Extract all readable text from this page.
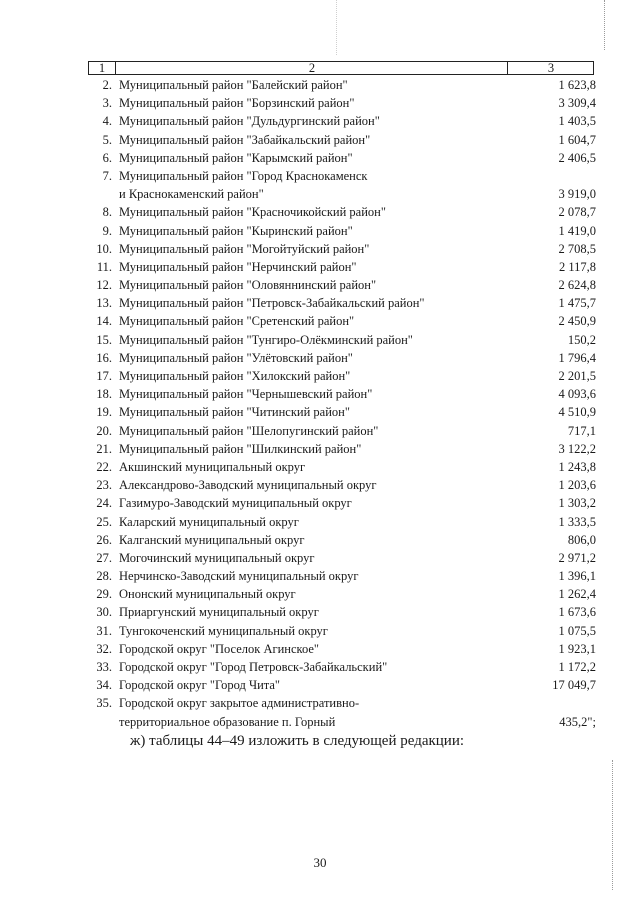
1	2	3
2. Муниципальный район "Балейский район"	1 623,8
3. Муниципальный район "Борзинский район"	3 309,4
4. Муниципальный район "Дульдургинский район"	1 403,5
5. Муниципальный район "Забайкальский район"	1 604,7
6. Муниципальный район "Карымский район"	2 406,5
7. Муниципальный район "Город Краснокаменск
и Краснокаменский район"	3 919,0
8. Муниципальный район "Красночикойский район"	2 078,7
9. Муниципальный район "Кыринский район"	1 419,0
10. Муниципальный район "Могойтуйский район"	2 708,5
11. Муниципальный район "Нерчинский район"	2 117,8
12. Муниципальный район "Оловяннинский район"	2 624,8
13. Муниципальный район "Петровск-Забайкальский район"	1 475,7
14. Муниципальный район "Сретенский район"	2 450,9
15. Муниципальный район "Тунгиро-Олёкминский район"	150,2
16. Муниципальный район "Улётовский район"	1 796,4
17. Муниципальный район "Хилокский район"	2 201,5
18. Муниципальный район "Чернышевский район"	4 093,6
19. Муниципальный район "Читинский район"	4 510,9
20. Муниципальный район "Шелопугинский район"	717,1
21. Муниципальный район "Шилкинский район"	3 122,2
22. Акшинский муниципальный округ	1 243,8
23. Александрово-Заводский муниципальный округ	1 203,6
24. Газимуро-Заводский муниципальный округ	1 303,2
25. Каларский муниципальный округ	1 333,5
26. Калганский муниципальный округ	806,0
27. Могочинский муниципальный округ	2 971,2
28. Нерчинско-Заводский муниципальный округ	1 396,1
29. Ононский муниципальный округ	1 262,4
30. Приаргунский муниципальный округ	1 673,6
31. Тунгокоченский муниципальный округ	1 075,5
32. Городской округ "Поселок Агинское"	1 923,1
33. Городской округ "Город Петровск-Забайкальский"	1 172,2
34. Городской округ "Город Чита"	17 049,7
35. Городской округ закрытое административно-
территориальное образование п. Горный	435,2";
ж) таблицы 44–49 изложить в следующей редакции:
30
